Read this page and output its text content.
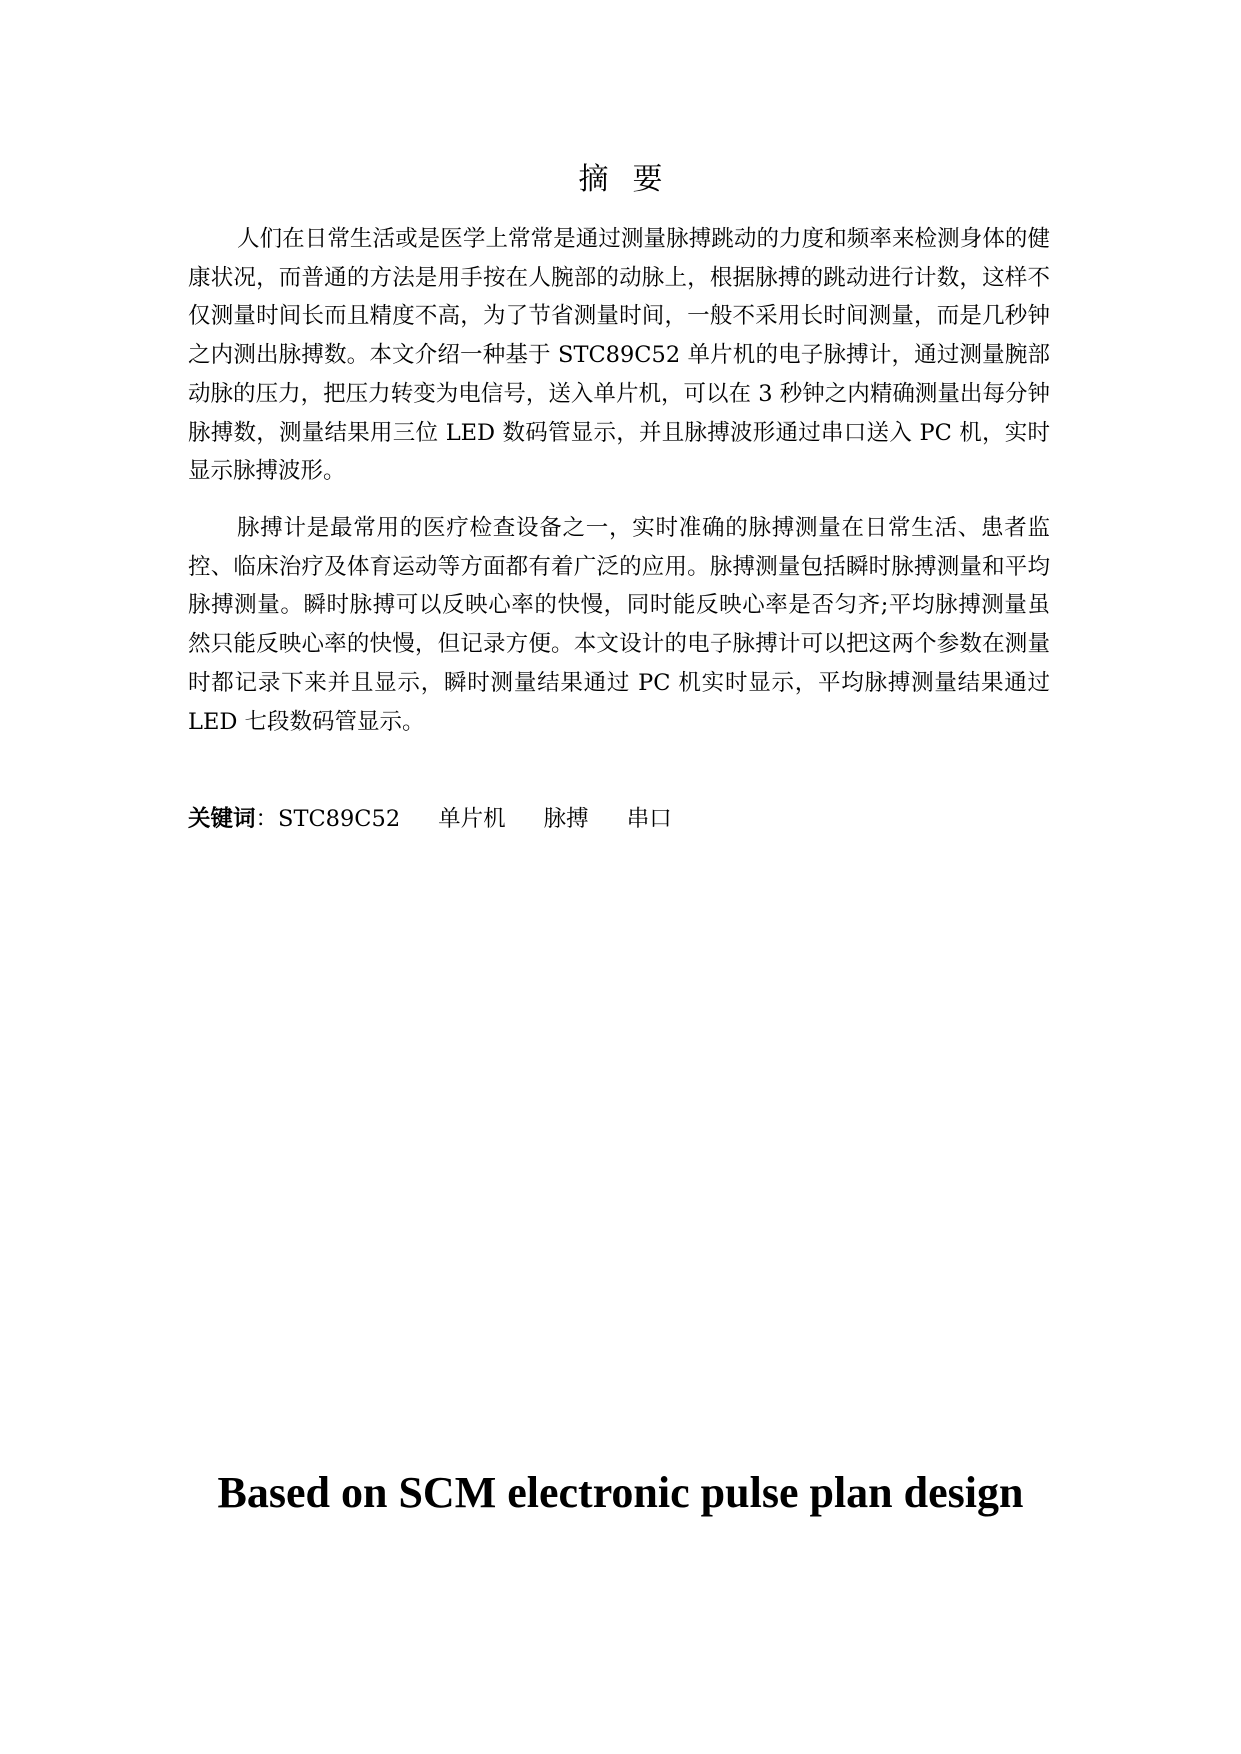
摘要

人们在日常生活或是医学上常常是通过测量脉搏跳动的力度和频率来检测身体的健康状况，而普通的方法是用手按在人腕部的动脉上，根据脉搏的跳动进行计数，这样不仅测量时间长而且精度不高，为了节省测量时间，一般不采用长时间测量，而是几秒钟之内测出脉搏数。本文介绍一种基于 STC89C52 单片机的电子脉搏计，通过测量腕部动脉的压力，把压力转变为电信号，送入单片机，可以在 3 秒钟之内精确测量出每分钟脉搏数，测量结果用三位 LED 数码管显示，并且脉搏波形通过串口送入 PC 机，实时显示脉搏波形。

脉搏计是最常用的医疗检查设备之一，实时准确的脉搏测量在日常生活、患者监控、临床治疗及体育运动等方面都有着广泛的应用。脉搏测量包括瞬时脉搏测量和平均脉搏测量。瞬时脉搏可以反映心率的快慢，同时能反映心率是否匀齐;平均脉搏测量虽然只能反映心率的快慢，但记录方便。本文设计的电子脉搏计可以把这两个参数在测量时都记录下来并且显示，瞬时测量结果通过 PC 机实时显示，平均脉搏测量结果通过 LED 七段数码管显示。

关键词：STC89C52 单片机 脉搏 串口
Based on SCM electronic pulse plan design
